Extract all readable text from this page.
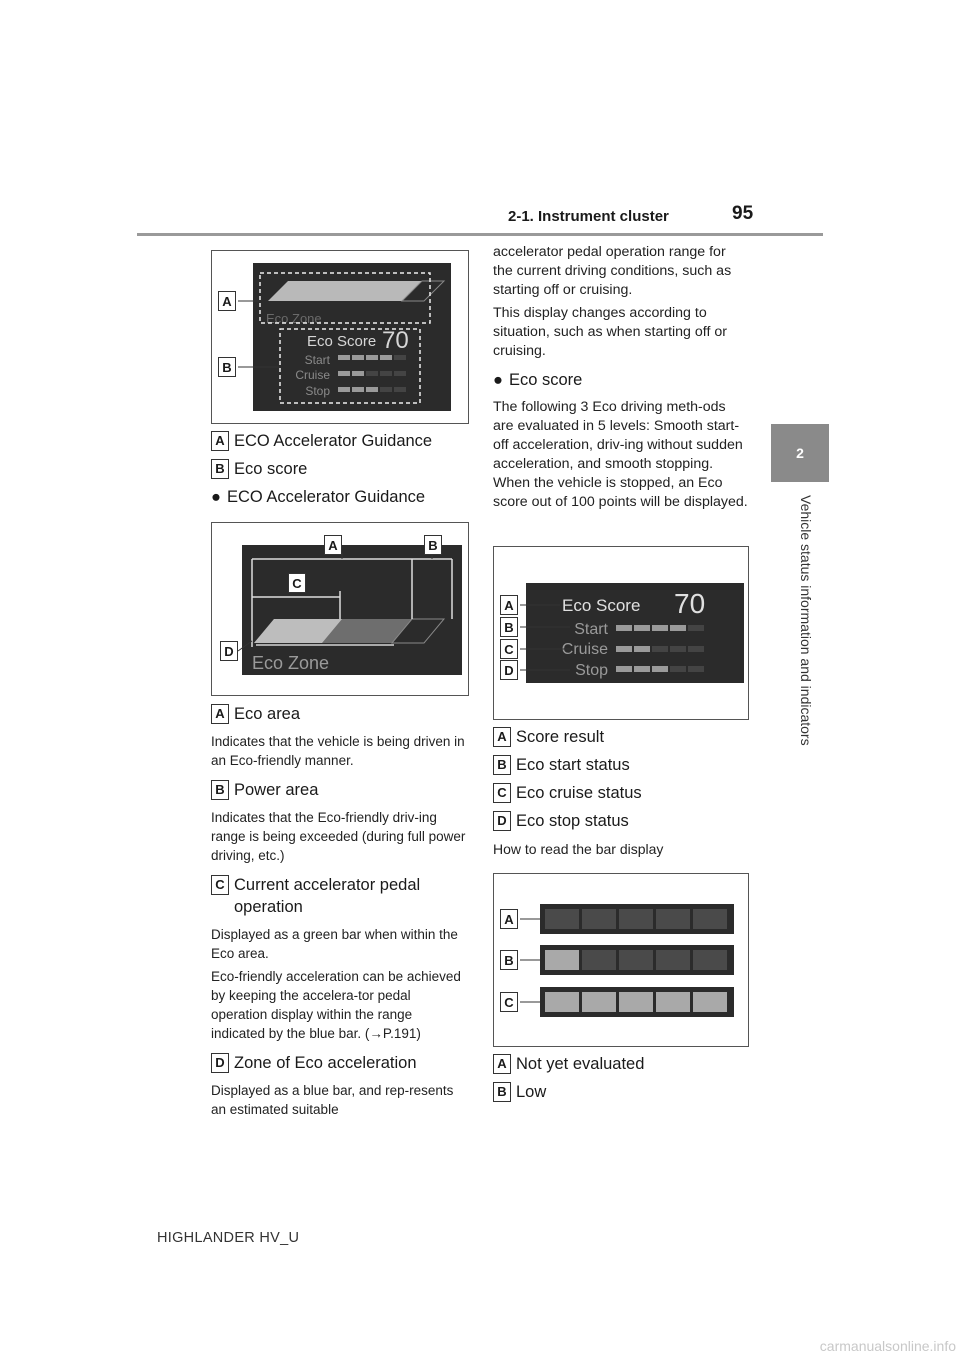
2-1. Instrument cluster	95
2
Vehicle status information and indicators
Eco Zone
Eco Score 70
Start
Cruise
Stop
A
B
A ECO Accelerator Guidance
B Eco score
● ECO Accelerator Guidance
Eco Zone
A	B
C
D
A Eco area
Indicates that the vehicle is being driven in an Eco-friendly manner.
B Power area
Indicates that the Eco-friendly driv-ing range is being exceeded (during full power driving, etc.)
C Current accelerator pedal operation
Displayed as a green bar when within the Eco area.
Eco-friendly acceleration can be achieved by keeping the accelera-tor pedal operation display within the range indicated by the blue bar. (→P.191)
D Zone of Eco acceleration
Displayed as a blue bar, and rep-resents an estimated suitable
accelerator pedal operation range for the current driving conditions, such as starting off or cruising.
This display changes according to situation, such as when starting off or cruising.
● Eco score
The following 3 Eco driving meth-ods are evaluated in 5 levels: Smooth start-off acceleration, driv-ing without sudden acceleration, and smooth stopping. When the vehicle is stopped, an Eco score out of 100 points will be displayed.
Eco Score 70
Start
Cruise
Stop
A
B
C
D
A Score result
B Eco start status
C Eco cruise status
D Eco stop status
How to read the bar display
A
B
C
A Not yet evaluated
B Low
HIGHLANDER HV_U
carmanualsonline.info
